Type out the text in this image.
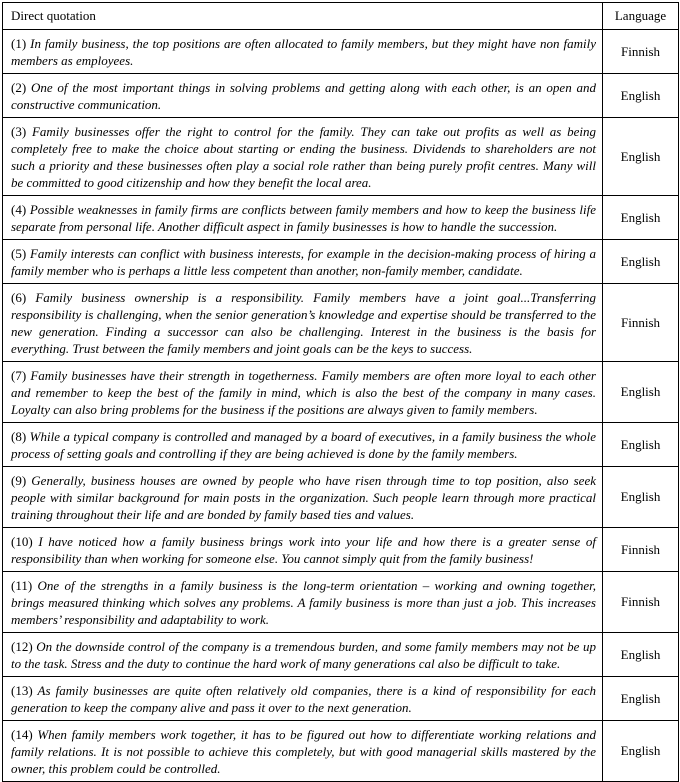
Direct quotation	Language
(1) In family business, the top positions are often allocated to family members, but they might have non family members as employees.	Finnish
(2) One of the most important things in solving problems and getting along with each other, is an open and constructive communication.	English
(3) Family businesses offer the right to control for the family. They can take out profits as well as being completely free to make the choice about starting or ending the business. Dividends to shareholders are not such a priority and these businesses often play a social role rather than being purely profit centres. Many will be committed to good citizenship and how they benefit the local area.	English
(4) Possible weaknesses in family firms are conflicts between family members and how to keep the business life separate from personal life. Another difficult aspect in family businesses is how to handle the succession.	English
(5) Family interests can conflict with business interests, for example in the decision-making process of hiring a family member who is perhaps a little less competent than another, non-family member, candidate.	English
(6) Family business ownership is a responsibility. Family members have a joint goal...Transferring responsibility is challenging, when the senior generation’s knowledge and expertise should be transferred to the new generation. Finding a successor can also be challenging. Interest in the business is the basis for everything. Trust between the family members and joint goals can be the keys to success.	Finnish
(7) Family businesses have their strength in togetherness. Family members are often more loyal to each other and remember to keep the best of the family in mind, which is also the best of the company in many cases. Loyalty can also bring problems for the business if the positions are always given to family members.	English
(8) While a typical company is controlled and managed by a board of executives, in a family business the whole process of setting goals and controlling if they are being achieved is done by the family members.	English
(9) Generally, business houses are owned by people who have risen through time to top position, also seek people with similar background for main posts in the organization. Such people learn through more practical training throughout their life and are bonded by family based ties and values.	English
(10) I have noticed how a family business brings work into your life and how there is a greater sense of responsibility than when working for someone else. You cannot simply quit from the family business!	Finnish
(11) One of the strengths in a family business is the long-term orientation – working and owning together, brings measured thinking which solves any problems. A family business is more than just a job. This increases members’ responsibility and adaptability to work.	Finnish
(12) On the downside control of the company is a tremendous burden, and some family members may not be up to the task. Stress and the duty to continue the hard work of many generations cal also be difficult to take.	English
(13) As family businesses are quite often relatively old companies, there is a kind of responsibility for each generation to keep the company alive and pass it over to the next generation.	English
(14) When family members work together, it has to be figured out how to differentiate working relations and family relations. It is not possible to achieve this completely, but with good managerial skills mastered by the owner, this problem could be controlled.	English
